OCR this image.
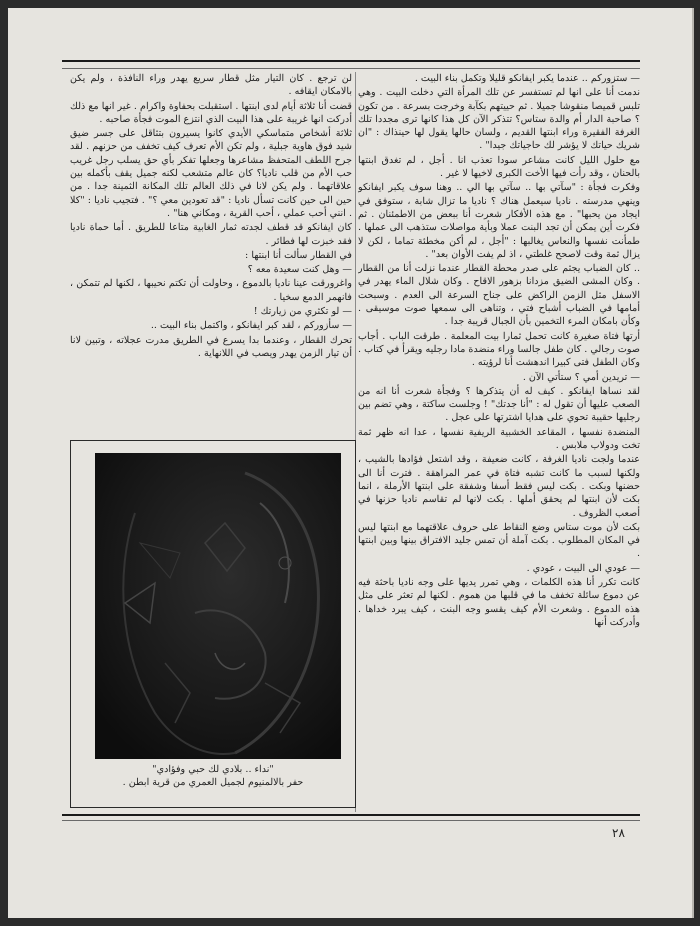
— ستزوركم .. عندما يكبر ايفانكو قليلا وتكمل بناء البيت .

ندمت أنا على انها لم تستفسر عن تلك المرأة التي دخلت البيت . وهي تلبس قميصا منقوشا جميلا . ثم حييتهم بكآبة وخرجت بسرعة . من تكون ؟ صاحبة الدار أم والدة ستاس؟ تتذكر الآن كل هذا كانها ترى مجددا تلك الغرفة الفقيرة وراء ابنتها القديم ، ولسان حالها يقول لها حينذاك : "ان شريك حياتك لا يؤشر لك حاجياتك جيدا" .

مع حلول الليل كانت مشاعر سودا تعذب انا . أجل ، لم تغدق ابنتها بالحنان ، وقد رأت فيها الأخت الكبرى لاخيها لا غير .

وفكرت فجأة : "سآتي بها .. سآتي بها الي .. وهنا سوف يكبر ايفانكو وينهي مدرسته . ناديا سيعمل هناك ؟ ناديا ما تزال شابة ، ستوفق في ايجاد من يحبها" . مع هذه الأفكار شعرت أنا ببعض من الاطمئنان . ثم فكرت أين يمكن أن تجد البنت عملا وبأية مواصلات ستذهب الى عملها . طمأنت نفسها والنعاس يغالبها : "أجل ، لم أكن مخطئة تماما ، لكن لا يزال ثمة وقت لاصحح غلطتي ، اذ لم يفت الأوان بعد" .

.. كان الضباب يجثم على صدر محطة القطار عندما نزلت أنا من القطار . وكان المشى الضيق مزدانا بزهور الاقاح . وكان شلال الماء يهدر في الاسفل مثل الزمن الراكض على جناح السرعة الى العدم . وسبحت أمامها في الضباب أشباح فتي ، وتناهى الى سمعها صوت موسيقى . وكأن بامكان المرء التخمين بأن الجبال قريبة جدا .

أرتها فتاة صغيرة كانت تحمل ثمارا بيت المعلمة . طرقت الباب . أجاب صوت رجالي . كان طفل جالسا وراء منضدة مادا رجليه ويقرأ في كتاب . وكان الطفل فتى كبيرا اندهشت أنا لرؤيته .

— تريدين أمي ؟ ستأتي الآن .

لقد نساها ايفانكو . كيف له أن يتذكرها ؟ وفجأة شعرت أنا انه من الصعب عليها أن تقول له : "أنا جدتك" ! وجلست ساكتة ، وهي تضم بين رجليها حقيبة تحوي على هدايا اشترتها على عجل .

المنضدة نفسها ، المقاعد الخشبية الريفية نفسها ، عدا انه ظهر ثمة تخت ودولاب ملابس .

عندما ولجت ناديا الغرفة ، كانت ضعيفة ، وقد اشتعل فؤادها بالشيب ، ولكنها لسبب ما كانت تشبه فتاة في عمر المراهقة . فترت أنا الى حضنها وبكت . بكت ليس فقط أسفا وشفقة على ابنتها الأرملة ، انما بكت لأن ابنتها لم يحقق أملها . بكت لانها لم تقاسم ناديا حزنها في أصعب الظروف .

بكت لأن موت ستاس وضع النقاط على حروف علاقتهما مع ابنتها ليس في المكان المطلوب . بكت آملة أن تمس جليد الافتراق بينها وبين ابنتها .

— عودي الى البيت ، عودي .

كانت تكرر أنا هذه الكلمات ، وهي تمرر يديها على وجه ناديا باحثة فيه عن دموع سائلة تخفف ما في قلبها من هموم . لكنها لم تعثر على مثل هذه الدموع . وشعرت الأم كيف يقسو وجه البنت ، كيف يبرد خداها . وأدركت أنها

لن ترجع . كان التيار مثل قطار سريع يهدر وراء النافذة ، ولم يكن بالامكان ايقافه .

قضت أنا ثلاثة أيام لدى ابنتها . استقبلت بحفاوة واكرام . غير انها مع ذلك أدركت انها غريبة على هذا البيت الذي انتزع الموت فجأة صاحبه .

ثلاثة أشخاص متماسكي الأيدي كانوا يسيرون بتثاقل على جسر ضيق شيد فوق هاوية جبلية ، ولم تكن الأم تعرف كيف تخفف من حزنهم . لقد جرح اللطف المتحفظ مشاعرها وجعلها تفكر بأي حق يسلب رجل غريب حب الأم من قلب ناديا؟ كان عالم متشعب لكنه جميل يقف بأكمله بين علاقاتهما . ولم يكن لانا في ذلك العالم تلك المكانة الثمينة جدا . من حين الى حين كانت تسأل ناديا : "قد تعودين معي ؟" . فتجيب ناديا : "كلا . انني أحب عملي ، أحب القرية ، ومكاني هنا" .

كان ايفانكو قد قطف لجدته ثمار الغابية متاعا للطريق . أما حماة ناديا فقد خبزت لها فطائر .

في القطار سألت أنا ابنتها :

— وهل كنت سعيدة معه ؟

واغرورقت عينا ناديا بالدموع ، وحاولت أن تكتم نحيبها ، لكنها لم تتمكن ، فانهمر الدمع سخيا .

— لو تكثري من زيارتك !

— سأزوركم ، لقد كبر ايفانكو ، واكتمل بناء البيت ..

تحرك القطار ، وعندما بدا يسرع في الطريق مدرت عجلاته ، وتبين لانا أن تيار الزمن يهدر ويصب في اللانهاية .

"نداء .. بلادي لك حبي وفؤادي"
حفر بالالمنيوم لجميل العمري من قرية ابطن .
٢٨
